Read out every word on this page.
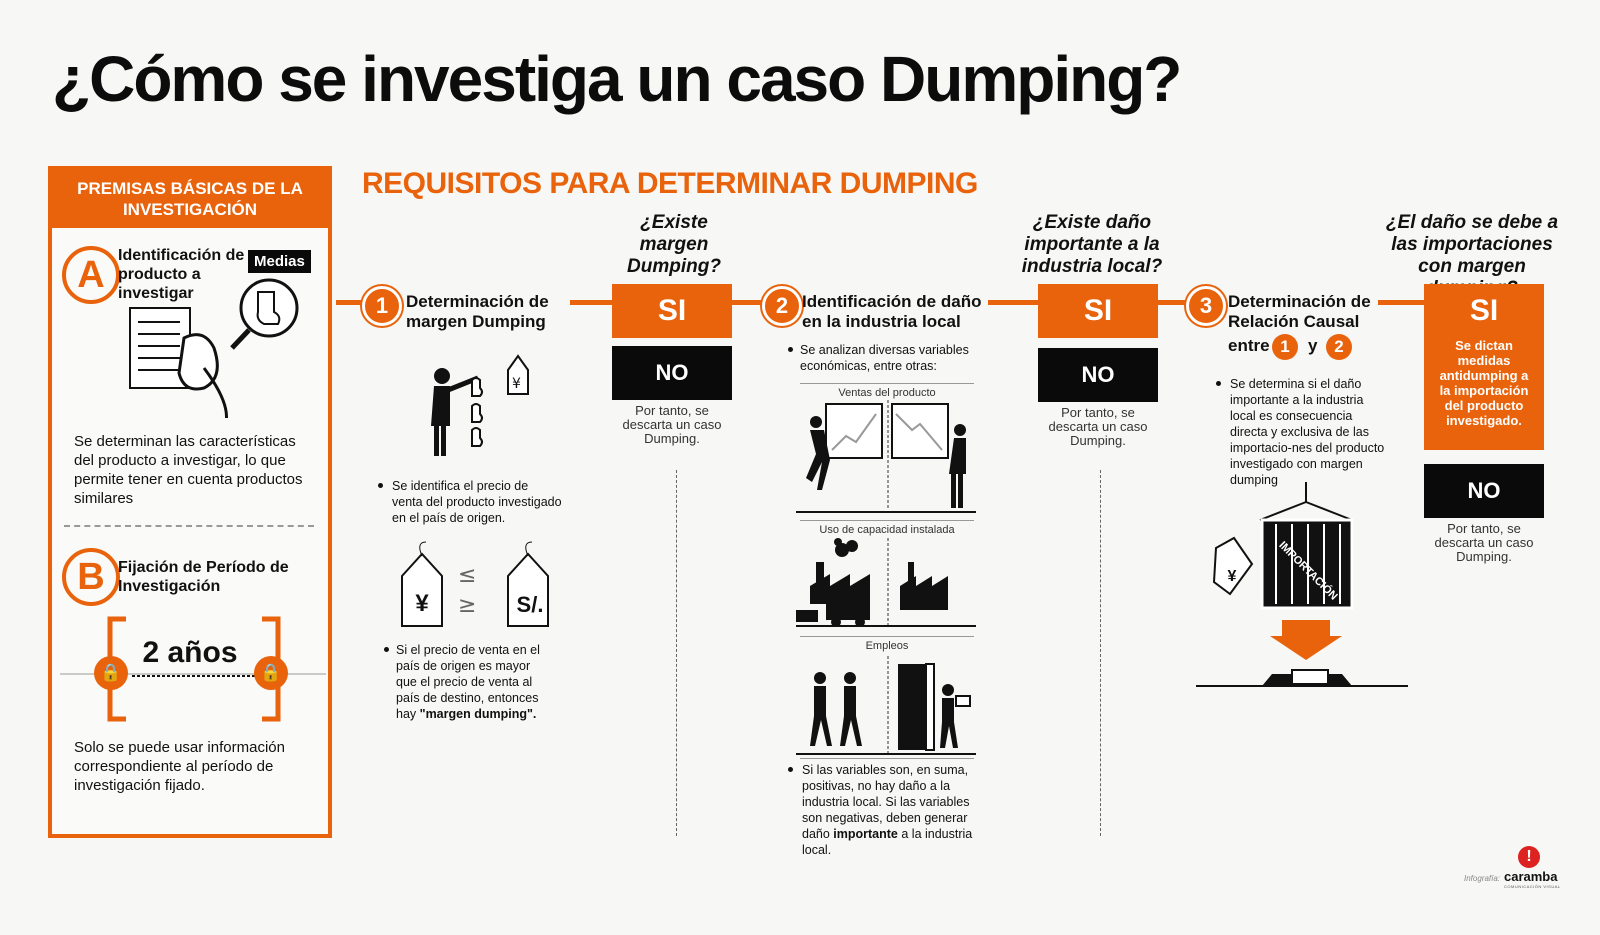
¿Cómo se investiga un caso Dumping?
PREMISAS BÁSICAS DE LA INVESTIGACIÓN
A Identificación de producto a investigar
Medias
Se determinan las características del producto a investigar, lo que permite tener en cuenta productos similares
B Fijación de Período de Investigación
🔒	🔒
2 años
Solo se puede usar información correspondiente al período de investigación fijado.
REQUISITOS PARA DETERMINAR DUMPING
1	Determinación de margen Dumping
¥
Se identifica el precio de venta del producto investigado en el país de origen.
≤
≥
¥	S/.
Si el precio de venta en el país de origen es mayor que el precio de venta al país de destino, entonces hay "margen dumping".
¿Existe margen Dumping?
SI
NO
Por tanto, se descarta un caso Dumping.
2 Identificación de daño en la industria local
Se analizan diversas variables económicas, entre otras:
Ventas del producto
Uso de capacidad instalada
Empleos
Si las variables son, en suma, positivas, no hay daño a la industria local. Si las variables son negativas, deben generar daño importante a la industria local.
¿Existe daño importante a la industria local?
SI
NO
Por tanto, se descarta un caso Dumping.
3 Determinación de Relación Causal
entre 1	y 2
Se determina si el daño importante a la industria local es consecuencia directa y exclusiva de las importacio-nes del producto investigado con margen dumping
IMPORTACIÓN
¥
¿El daño se debe a las importaciones con margen
SI
Se dictan medidas antidumping a la importación del producto investigado.
NO
Por tanto, se descarta un caso Dumping.
Infografía:
!
caramba
COMUNICACIÓN VISUAL
